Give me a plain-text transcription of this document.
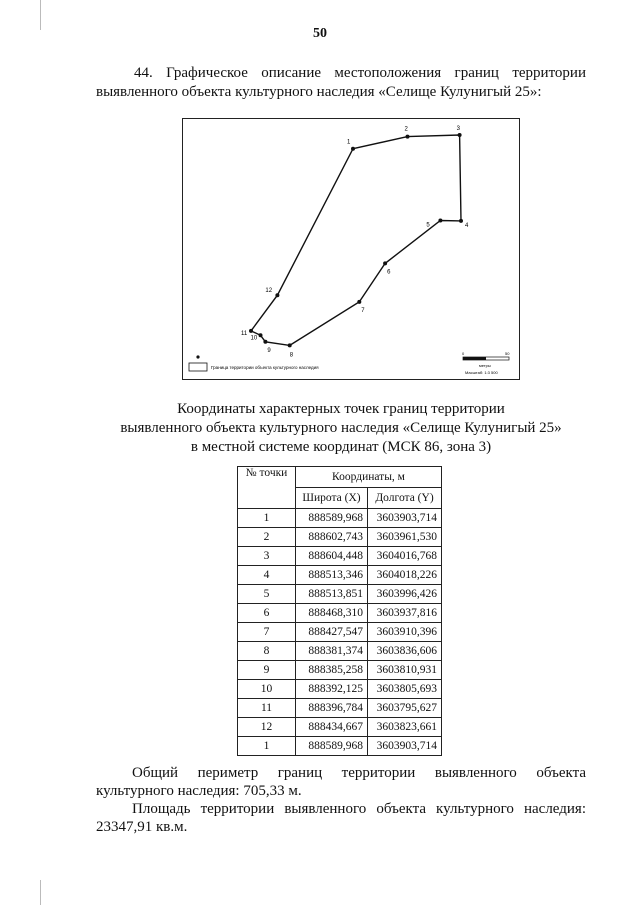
50
44. Графическое описание местоположения границ территории выявленного объекта культурного наследия «Селище Кулунигый 25»:
1
2	3
4
5
6
7
8
9
10
11
12
Граница территории объекта культурного наследия
0	50
метры
Масштаб: 1:3 500
Координаты характерных точек границ территории
выявленного объекта культурного наследия «Селище Кулунигый 25»
в местной системе координат (МСК 86, зона 3)
№ точки	Координаты, м	
	Широта (X)	Долгота (Y)
1	888589,968	3603903,714
2	888602,743	3603961,530
3	888604,448	3604016,768
4	888513,346	3604018,226
5	888513,851	3603996,426
6	888468,310	3603937,816
7	888427,547	3603910,396
8	888381,374	3603836,606
9	888385,258	3603810,931
10	888392,125	3603805,693
11	888396,784	3603795,627
12	888434,667	3603823,661
1	888589,968	3603903,714
Общий периметр границ территории выявленного объекта культурного наследия: 705,33 м.
Площадь территории выявленного объекта культурного наследия: 23347,91 кв.м.
